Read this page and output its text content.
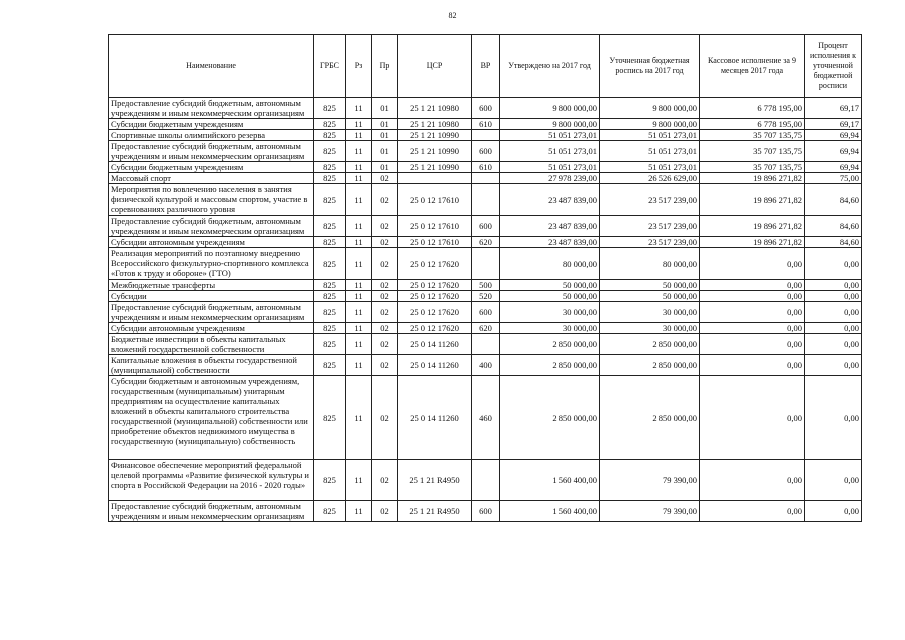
82
Наименование	ГРБС	Рз	Пр	ЦСР	ВР	Утверждено на 2017 год	Уточненная бюджетная роспись на 2017 год	Кассовое исполнение за 9 месяцев 2017 года	Процент исполнения к уточненной бюджетной росписи
Предоставление субсидий бюджетным, автономным учреждениям и иным некоммерческим организациям	825	11	01	25 1 21 10980	600	9 800 000,00	9 800 000,00	6 778 195,00	69,17
Субсидии бюджетным учреждениям	825	11	01	25 1 21 10980	610	9 800 000,00	9 800 000,00	6 778 195,00	69,17
Спортивные школы олимпийского резерва	825	11	01	25 1 21 10990		51 051 273,01	51 051 273,01	35 707 135,75	69,94
Предоставление субсидий бюджетным, автономным учреждениям и иным некоммерческим организациям	825	11	01	25 1 21 10990	600	51 051 273,01	51 051 273,01	35 707 135,75	69,94
Субсидии бюджетным учреждениям	825	11	01	25 1 21 10990	610	51 051 273,01	51 051 273,01	35 707 135,75	69,94
Массовый спорт	825	11	02			27 978 239,00	26 526 629,00	19 896 271,82	75,00
Мероприятия по вовлечению населения в занятия физической культурой и массовым спортом, участие в соревнованиях различного уровня	825	11	02	25 0 12 17610		23 487 839,00	23 517 239,00	19 896 271,82	84,60
Предоставление субсидий бюджетным, автономным учреждениям и иным некоммерческим организациям	825	11	02	25 0 12 17610	600	23 487 839,00	23 517 239,00	19 896 271,82	84,60
Субсидии автономным учреждениям	825	11	02	25 0 12 17610	620	23 487 839,00	23 517 239,00	19 896 271,82	84,60
Реализация мероприятий по поэтапному внедрению Всероссийского физкультурно-спортивного комплекса «Готов к труду и обороне» (ГТО)	825	11	02	25 0 12 17620		80 000,00	80 000,00	0,00	0,00
Межбюджетные трансферты	825	11	02	25 0 12 17620	500	50 000,00	50 000,00	0,00	0,00
Субсидии	825	11	02	25 0 12 17620	520	50 000,00	50 000,00	0,00	0,00
Предоставление субсидий бюджетным, автономным учреждениям и иным некоммерческим организациям	825	11	02	25 0 12 17620	600	30 000,00	30 000,00	0,00	0,00
Субсидии автономным учреждениям	825	11	02	25 0 12 17620	620	30 000,00	30 000,00	0,00	0,00
Бюджетные инвестиции в объекты капитальных вложений государственной собственности	825	11	02	25 0 14 11260		2 850 000,00	2 850 000,00	0,00	0,00
Капитальные вложения в объекты государственной (муниципальной) собственности	825	11	02	25 0 14 11260	400	2 850 000,00	2 850 000,00	0,00	0,00
Субсидии бюджетным и автономным учреждениям, государственным (муниципальным) унитарным предприятиям на осуществление капитальных вложений в объекты капитального строительства государственной (муниципальной) собственности или приобретение объектов недвижимого имущества в государственную (муниципальную) собственность	825	11	02	25 0 14 11260	460	2 850 000,00	2 850 000,00	0,00	0,00
Финансовое обеспечение мероприятий федеральной целевой программы «Развитие физической культуры и спорта в Российской Федерации на 2016 - 2020 годы»	825	11	02	25 1 21 R4950		1 560 400,00	79 390,00	0,00	0,00
Предоставление субсидий бюджетным, автономным учреждениям и иным некоммерческим организациям	825	11	02	25 1 21 R4950	600	1 560 400,00	79 390,00	0,00	0,00
